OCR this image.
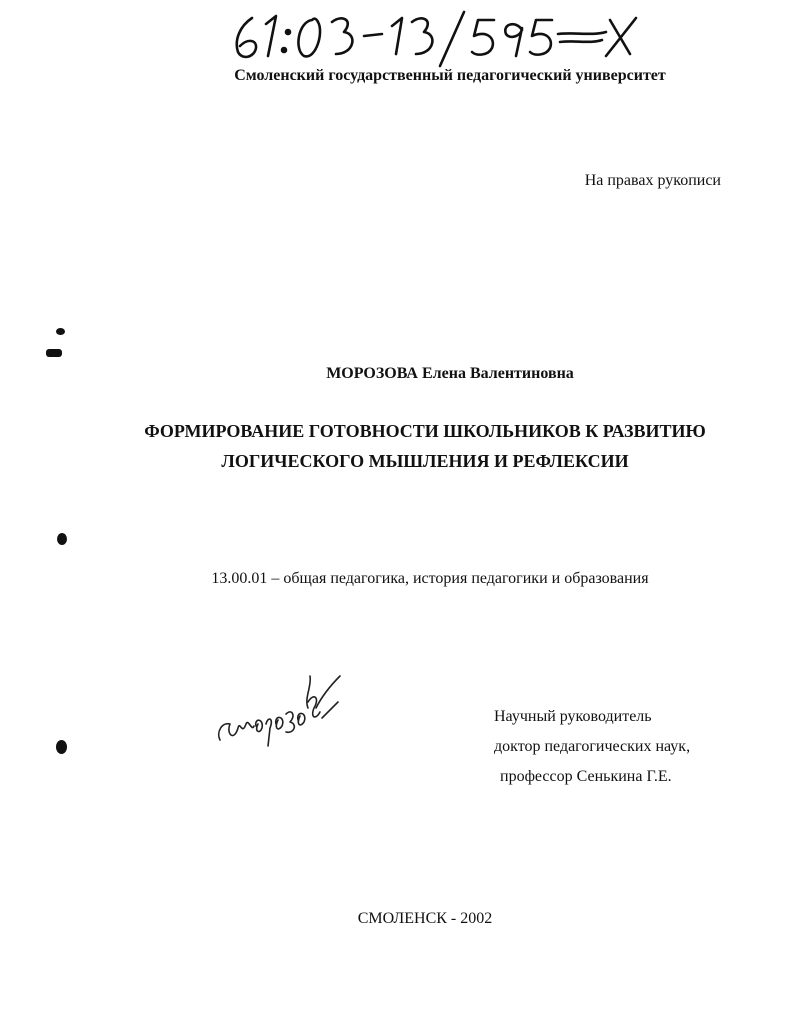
Смоленский государственный педагогический университет
На правах рукописи
МОРОЗОВА Елена Валентиновна
ФОРМИРОВАНИЕ ГОТОВНОСТИ ШКОЛЬНИКОВ К РАЗВИТИЮ
ЛОГИЧЕСКОГО МЫШЛЕНИЯ И РЕФЛЕКСИИ
13.00.01 – общая педагогика, история педагогики и образования
Научный руководитель
доктор педагогических наук,
профессор Сенькина Г.Е.
СМОЛЕНСК - 2002
